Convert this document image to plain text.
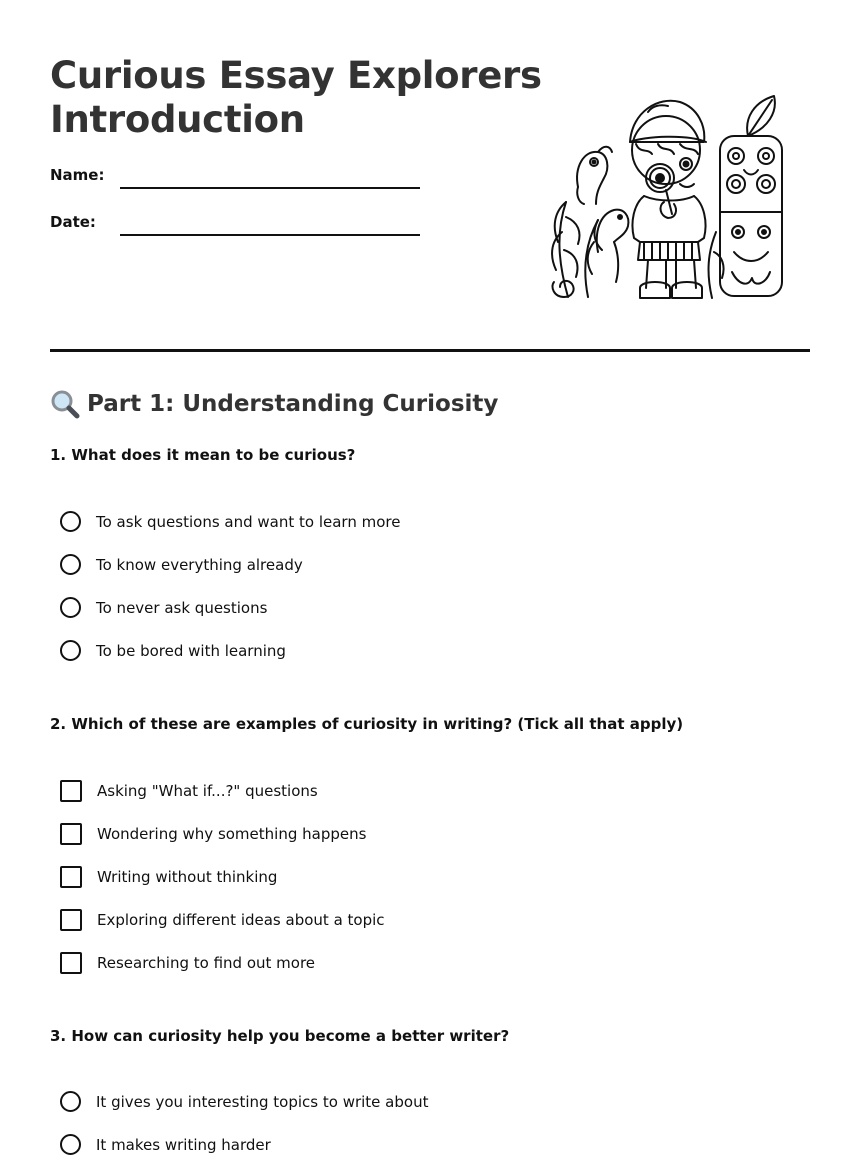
Curious Essay Explorers
Introduction
Name:
Date:
Part 1: Understanding Curiosity
1. What does it mean to be curious?
To ask questions and want to learn more
To know everything already
To never ask questions
To be bored with learning
2. Which of these are examples of curiosity in writing? (Tick all that apply)
Asking "What if...?" questions
Wondering why something happens
Writing without thinking
Exploring different ideas about a topic
Researching to find out more
3. How can curiosity help you become a better writer?
It gives you interesting topics to write about
It makes writing harder
